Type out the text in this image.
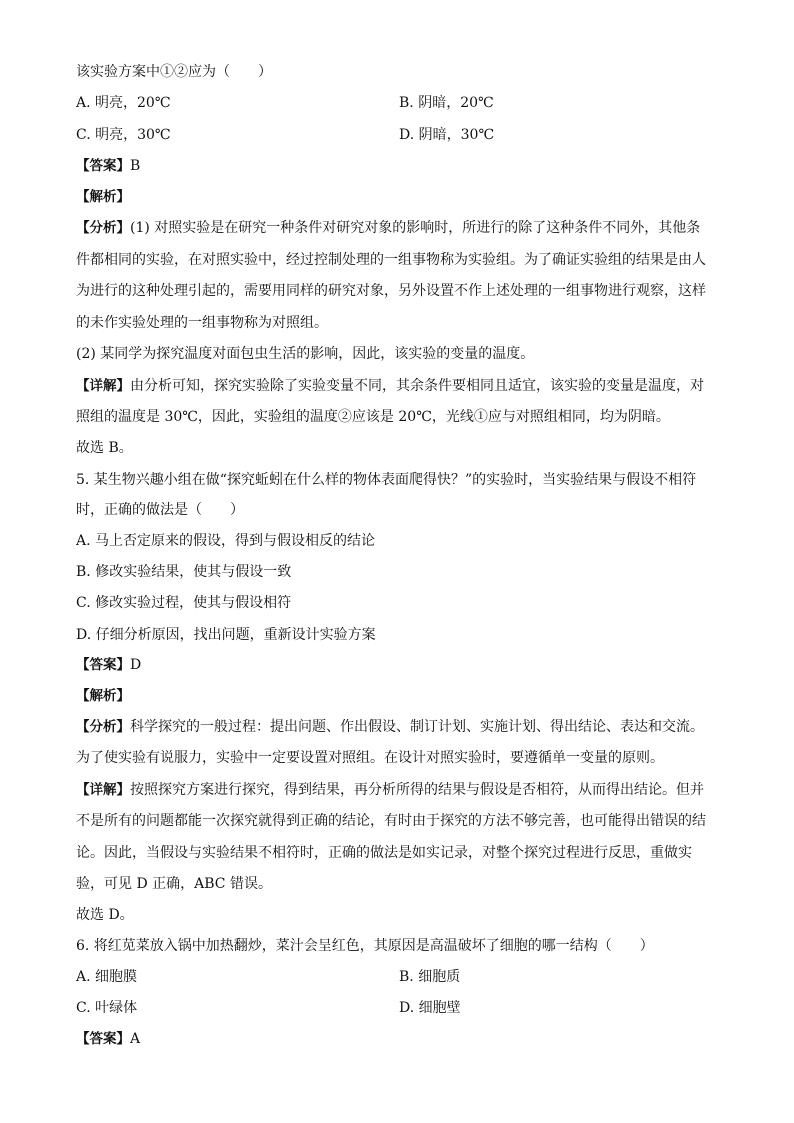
该实验方案中①②应为（　　）
A. 明亮，20℃	B. 阴暗，20℃
C. 明亮，30℃	D. 阴暗，30℃
【答案】B
【解析】
【分析】(1) 对照实验是在研究一种条件对研究对象的影响时，所进行的除了这种条件不同外，其他条
件都相同的实验，在对照实验中，经过控制处理的一组事物称为实验组。为了确证实验组的结果是由人
为进行的这种处理引起的，需要用同样的研究对象，另外设置不作上述处理的一组事物进行观察，这样
的未作实验处理的一组事物称为对照组。
(2) 某同学为探究温度对面包虫生活的影响，因此，该实验的变量的温度。
【详解】由分析可知，探究实验除了实验变量不同，其余条件要相同且适宜，该实验的变量是温度，对
照组的温度是 30℃，因此，实验组的温度②应该是 20℃，光线①应与对照组相同，均为阴暗。
故选 B。
5. 某生物兴趣小组在做“探究蚯蚓在什么样的物体表面爬得快？”的实验时，当实验结果与假设不相符
时，正确的做法是（　　）
A. 马上否定原来的假设，得到与假设相反的结论
B. 修改实验结果，使其与假设一致
C. 修改实验过程，使其与假设相符
D. 仔细分析原因，找出问题，重新设计实验方案
【答案】D
【解析】
【分析】科学探究的一般过程：提出问题、作出假设、制订计划、实施计划、得出结论、表达和交流。
为了使实验有说服力，实验中一定要设置对照组。在设计对照实验时，要遵循单一变量的原则。
【详解】按照探究方案进行探究，得到结果，再分析所得的结果与假设是否相符，从而得出结论。但并
不是所有的问题都能一次探究就得到正确的结论，有时由于探究的方法不够完善，也可能得出错误的结
论。因此，当假设与实验结果不相符时，正确的做法是如实记录，对整个探究过程进行反思，重做实
验，可见 D 正确，ABC 错误。
故选 D。
6. 将红苋菜放入锅中加热翻炒，菜汁会呈红色，其原因是高温破坏了细胞的哪一结构（　　）
A. 细胞膜	B. 细胞质
C. 叶绿体	D. 细胞壁
【答案】A
